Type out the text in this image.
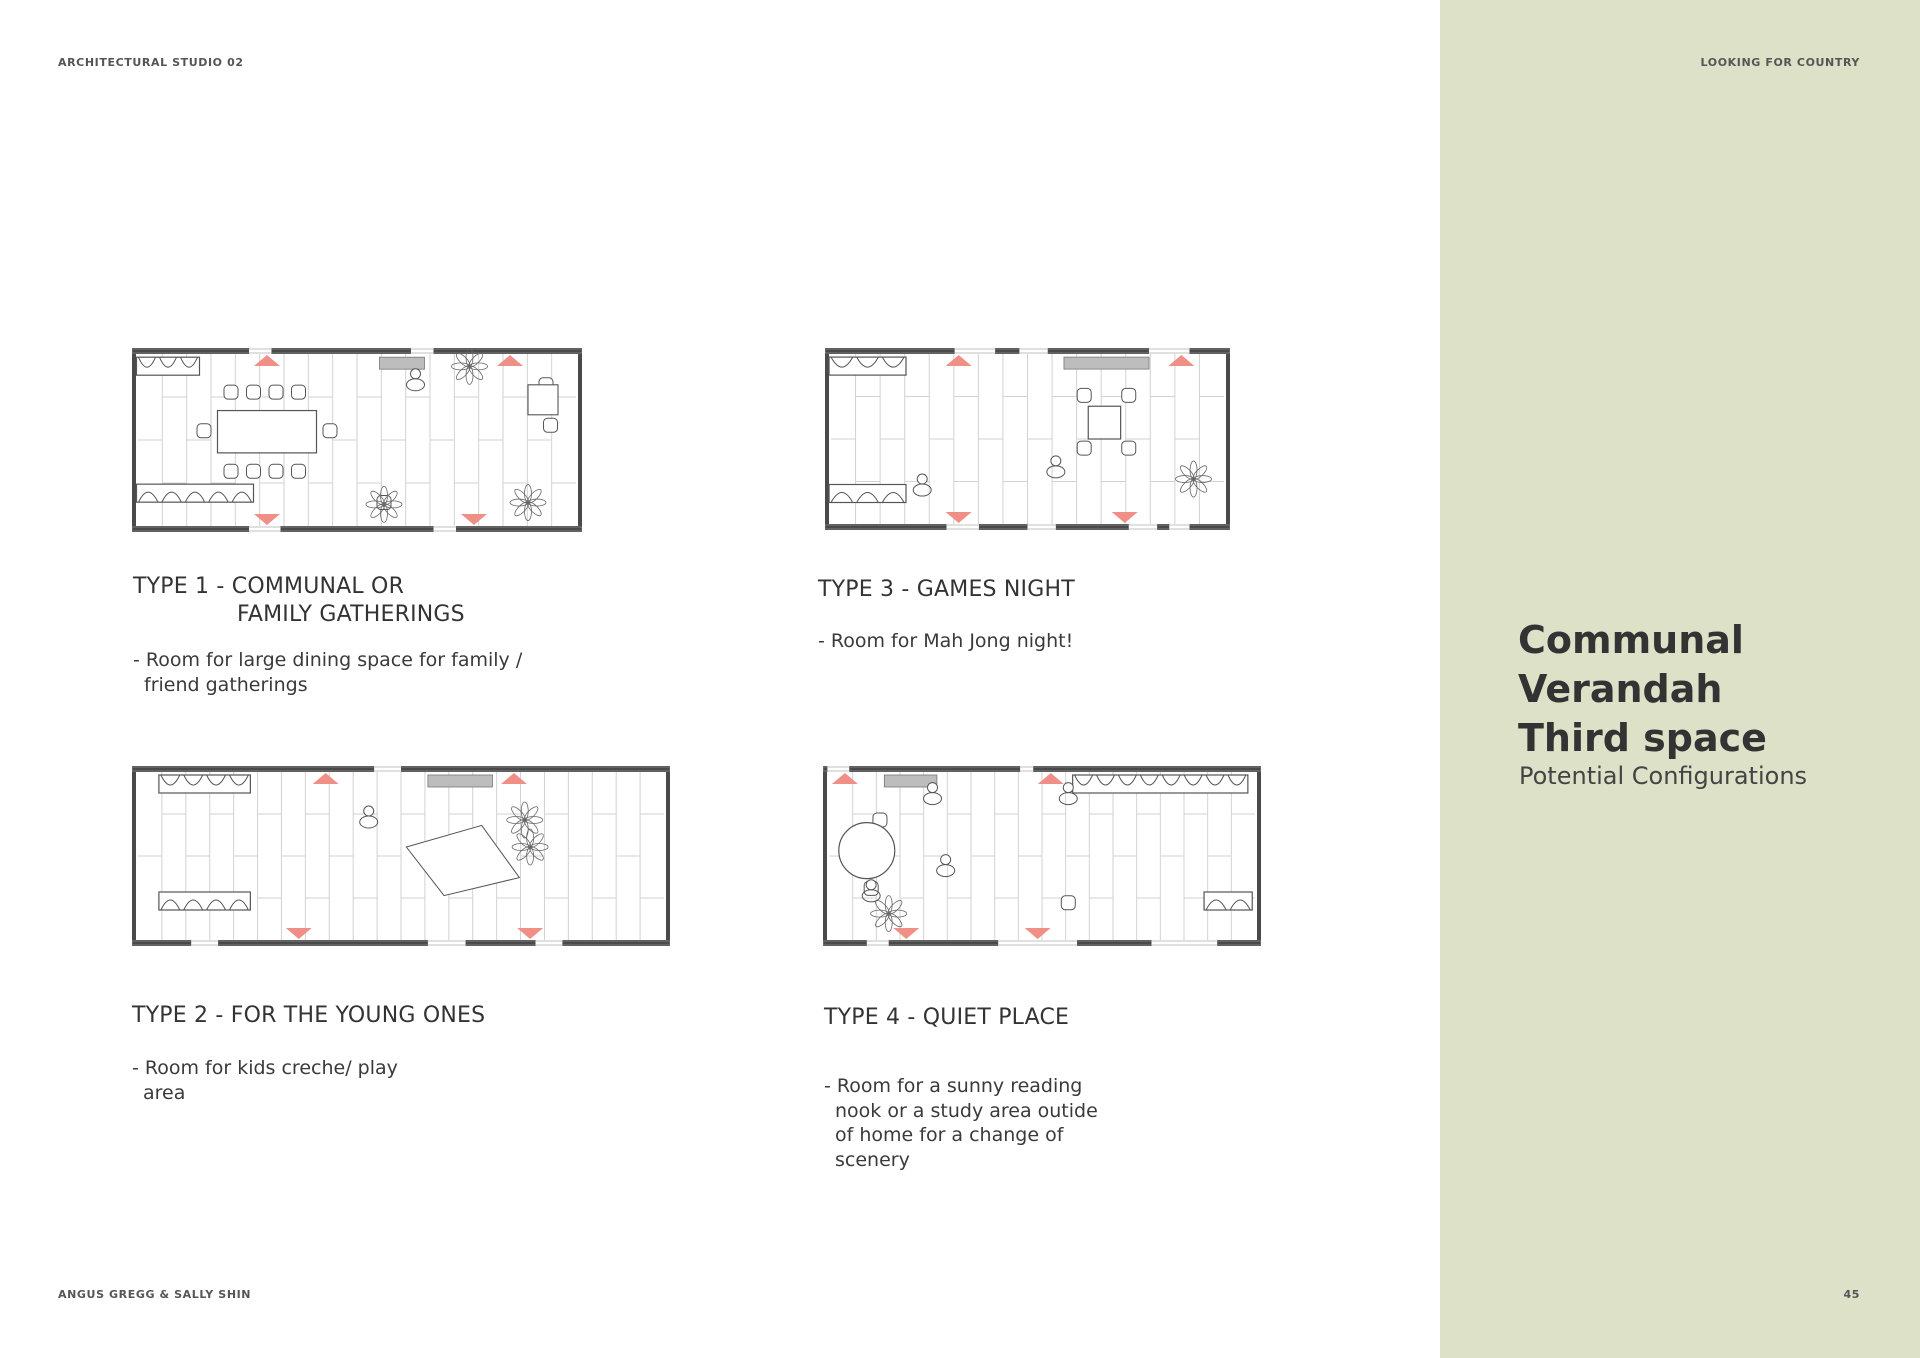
ARCHITECTURAL STUDIO 02	LOOKING FOR COUNTRY
ANGUS GREGG & SALLY SHIN	45
TYPE 1 - COMMUNAL OR
FAMILY GATHERINGS
- Room for large dining space for family /
friend gatherings
TYPE 2 - FOR THE YOUNG ONES
- Room for kids creche/ play
area
TYPE 3 - GAMES NIGHT
- Room for Mah Jong night!
TYPE 4 - QUIET PLACE
- Room for a sunny reading
nook or a study area outide
of home for a change of
scenery
Communal
Verandah
Third space
Potential Configurations
